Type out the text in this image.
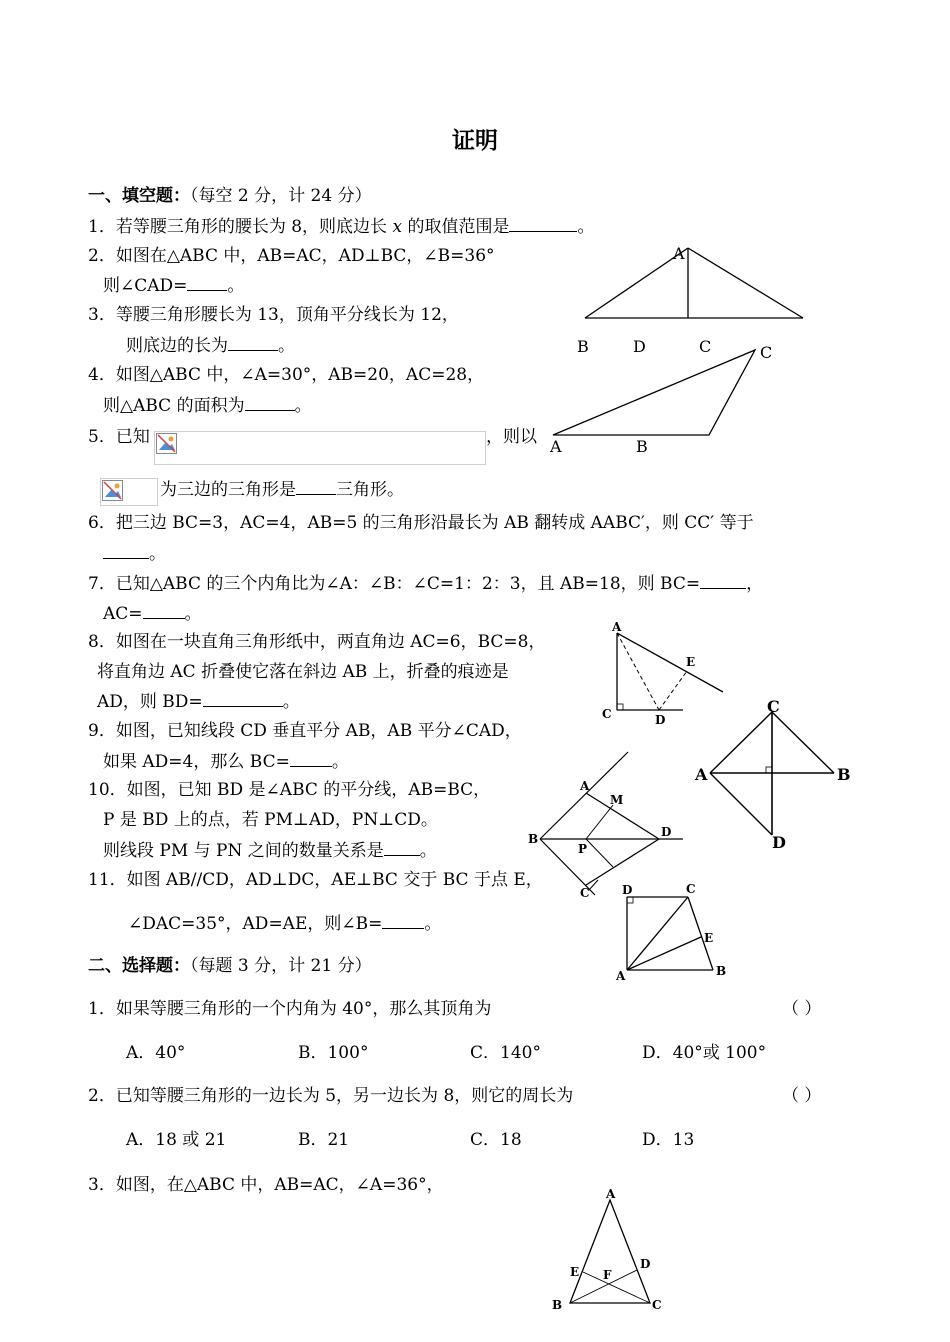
证明
一、填空题：（每空 2 分，计 24 分）
1．若等腰三角形的腰长为 8，则底边长 x 的取值范围是	。
2．如图在△ABC 中，AB=AC，AD⊥BC，∠B=36°
则∠CAD= 。
3．等腰三角形腰长为 13，顶角平分线长为 12，
则底边的长为	。
4．如图△ABC 中，∠A=30°，AB=20，AC=28，
则△ABC 的面积为	。
5．已知	，则以
为三边的三角形是 三角形。
6．把三边 BC=3，AC=4，AB=5 的三角形沿最长为 AB 翻转成 AABC′，则 CC′ 等于
。
7．已知△ABC 的三个内角比为∠A：∠B：∠C=1：2：3，且 AB=18，则 BC=	，
AC= 。
8．如图在一块直角三角形纸中，两直角边 AC=6，BC=8，
将直角边 AC 折叠使它落在斜边 AB 上，折叠的痕迹是
AD，则 BD=	。
9．如图，已知线段 CD 垂直平分 AB，AB 平分∠CAD，
如果 AD=4，那么 BC= 。
10．如图，已知 BD 是∠ABC 的平分线，AB=BC，
P 是 BD 上的点，若 PM⊥AD，PN⊥CD。
则线段 PM 与 PN 之间的数量关系是 。
11．如图 AB//CD，AD⊥DC，AE⊥BC 交于 BC 于点 E，
∠DAC=35°，AD=AE，则∠B= 。
二、选择题：（每题 3 分，计 21 分）
1．如果等腰三角形的一个内角为 40°，那么其顶角为	（ ）
A．40°	B．100°	C．140°	D．40°或 100°
2．已知等腰三角形的一边长为 5，另一边长为 8，则它的周长为	（ ）
A．18 或 21	B．21	C．18	D．13
3．如图，在△ABC 中，AB=AC，∠A=36°，
A
B	D	C	C
A	B
A
C	D
E
C
A	B
D
A
B
C
D
M
P
D	C
E
A	B
A
E
D
F
B	C
